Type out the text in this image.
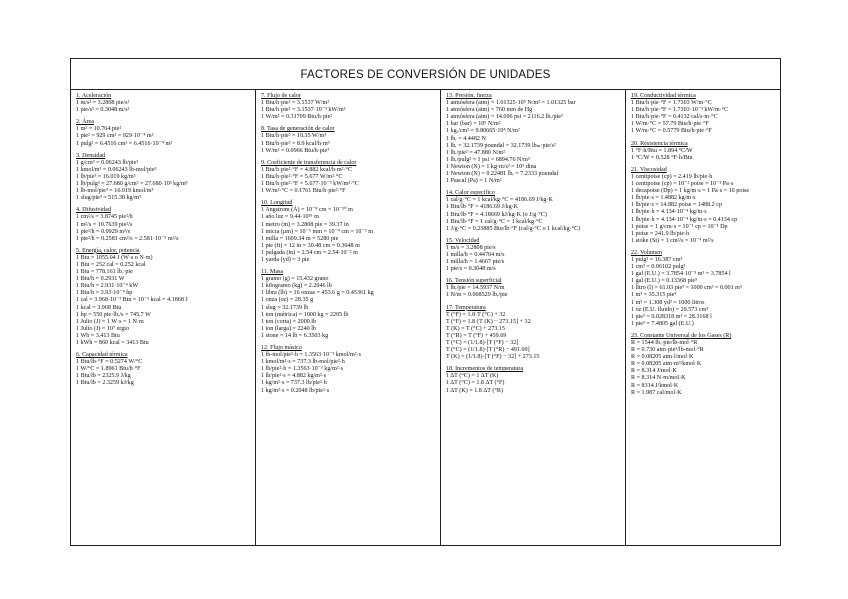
FACTORES DE CONVERSIÓN DE UNIDADES
1. Aceleración
1 m/s² = 3.2808 pie/s²
1 pie/s² = 0.3048 m/s²
2. Área
1 m² = 10.764 pie²
1 pie² = 929 cm² = 929·10⁻⁴ m²
1 pulg² = 6.4516 cm² = 6.4516·10⁻⁴ m²
3. Densidad
1 g/cm³ = 0.06243 lb/pie³
1 kmol/m³ = 0.06243 lb-mol/pie³
1 lb/pie³ = 16.019 kg/m³
1 lb/pulg³ = 27.680 g/cm³ = 27.680·10³ kg/m³
1 lb-mol/pie³ = 16.019 kmol/m³
1 slug/pie³ = 515.38 kg/m³
4. Difusividad
1 cm²/s = 3.8745 pie²/h
1 m²/s = 10.7639 pie²/s
1 pie²/h = 0.0929 m²/s
1 pie²/h = 0.2581 cm²/s = 2.581·10⁻⁵ m²/s
5. Energía, calor, potencia
1 Btu = 1055.04 J (W·s o N·m)
1 Btu = 252 cal = 0.252 kcal
1 Btu = 778.161 lbᵣ·pie
1 Btu/h = 0.2931 W
1 Btu/h = 2.931·10⁻⁴ kW
1 Btu/h = 3.93·10⁻⁴ hp
1 cal = 3.968·10⁻³ Btu = 10⁻³ kcal = 4.1868 J
1 kcal = 3.968 Btu
1 hp = 550 pie·lbᵣ/s = 745.7 W
1 Julio (J) = 1 W·s = 1 N·m
1 Julio (J) = 10⁷ ergio
1 Wh = 3.413 Btu
1 kWh = 860 kcal = 3413 Btu
6. Capacidad térmica
1 Btu/lb·°F = 0.5274 W/°C
1 W/°C = 1.8961 Btu/h·°F
1 Btu/lb = 2325.9 J/kg
1 Btu/lb = 2.3259 kJ/kg
7. Flujo de calor
1 Btu/h·pie² = 3.1537 W/m²
1 Btu/h·pie² = 3.1537·10⁻³ kW/m²
1 W/m² = 0.31709 Btu/h·pie²
8. Tasa de generación de calor
1 Btu/h·pie³ = 10.35 W/m³
1 Btu/h·pie³ = 8.9 kcal/h·m³
1 W/m³ = 0.0966 Btu/h·pie³
9. Coeficiente de transferencia de calor
1 Btu/h·pie²·°F = 4.882 kcal/h·m²·°C
1 Btu/h·pie²·°F = 5.677 W/m²·°C
1 Btu/h·pie²·°F = 5.677·10⁻³ kW/m²·°C
1 W/m²·°C = 0.1761 Btu/h·pie²·°F
10. Longitud
1 Angstrom (Å) = 10⁻⁸ cm = 10⁻¹⁰ m
1 año luz = 9.44·10¹⁵ m
1 metro (m) = 3.2808 pie = 39.37 in
1 micra (μm) = 10⁻⁶ mm = 10⁻⁴ cm = 10⁻⁶ m
1 milla = 1609.34 m = 5280 pie
1 pie (ft) = 12 in = 30.48 cm = 0.3048 m
1 pulgada (in) = 2.54 cm = 2.54·10⁻² m
1 yarda (yd) = 3 pie
11. Masa
1 gramo (g) = 15.432 grano
1 kilogramo (kg) = 2.2046 lb
1 libra (lb) = 16 onzas = 453.6 g = 0.45361 kg
1 onza (oz) = 28.35 g
1 slug = 32.1739 lb
1 ton (métrica) = 1000 kg = 2205 lb
1 ton (corta) = 2000 lb
1 ton (larga) = 2240 lb
1 stone = 14 lb = 6.3503 kg
12. Flujo másico
1 lb-mol/pie²·h = 1.3563·10⁻³ kmol/m²·s
1 kmol/m²·s = 737.3 lb-mol/pie²·h
1 lb/pie²·h = 1.3563·10⁻³ kg/m²·s
1 lb/pie²·s = 4.882 kg/m²·s
1 kg/m²·s = 737.3 lb/pie²·h
1 kg/m²·s = 0.2048 lb/pie²·s
13. Presión, fuerza
1 atmósfera (atm) = 1.01325·10⁵ N/m² = 1.01325 bar
1 atmósfera (atm) = 760 mm de Hg
1 atmósfera (atm) = 14.696 psi = 2116.2 lbᵣ/pie²
1 bar (bar) = 10⁵ N/m²
1 kgᵣ/cm² = 9.80665·10⁴ N/m²
1 lbᵣ = 4.4482 N
1 lbᵣ = 32.1739 poundal = 32.1739 lbₘ·pie/s²
1 lbᵣ/pie² = 47.880 N/m²
1 lbᵣ/pulg² = 1 psi = 6894.76 N/m²
1 Newton (N) = 1 kg·m/s² = 10⁵ dina
1 Newton (N) = 0.22481 lbᵣ = 7.2333 poundal
1 Pascal (Pa) = 1 N/m²
14. Calor específico
1 cal/g·°C = 1 kcal/kg·°C = 4186.69 J/kg·K
1 Btu/lb·°F = 4186.69 J/kg·K
1 Btu/lb·°F = 4.18669 kJ/kg·K (o J/g·°C)
1 Btu/lb·°F = 1 cal/g·°C = 1 kcal/kg·°C
1 J/g·°C = 0.23885 Btu/lb·°F (cal/g·°C o 1 kcal/kg·°C)
15. Velocidad
1 m/s = 3.2808 pie/s
1 milla/h = 0.44704 m/s
1 milla/h = 1.4667 pie/s
1 pie/s = 0.3048 m/s
16. Tensión superficial
1 lbᵣ/pie = 14.5937 N/m
1 N/m = 0.068529 lbᵣ/pie
17. Temperatura
T (°F) = 1.8·T (°C) + 32
T (°F) = 1.8·[T (K) − 273.15] + 32
T (K) = T (°C) + 273.15
T (°R) = T (°F) + 459.69
T (°C) = (1/1.8)·[T (°F) − 32]
T (°C) = (1/1.8)·[T (°R) − 491.69]
T (K) = (1/1.8)·[T (°F) − 32] + 273.15
18. Incrementos de temperatura
1 ΔT (°C) = 1 ΔT (K)
1 ΔT (°C) = 1.8 ΔT (°F)
1 ΔT (K) = 1.8 ΔT (°R)
19. Conductividad térmica
1 Btu/h·pie·°F = 1.7303 W/m·°C
1 Btu/h·pie·°F = 1.7303·10⁻³ kW/m·°C
1 Btu/h·pie·°F = 0.4132 cal/s·m·°C
1 W/m·°C = 57.79 Btu/h·pie·°F
1 W/m·°C = 0.5779 Btu/h·pie·°F
20. Resistencia térmica
1 °F·h/Btu = 1.894 °C/W
1 °C/W = 0.528 °F·h/Btu
21. Viscosidad
1 centipoise (cp) = 2.419 lb/pie·h
1 centipoise (cp) = 10⁻² poise = 10⁻³ Pa·s
1 decapoise (Dp) = 1 kg/m·s = 1 Pa·s = 10 poise
1 lb/pie·s = 1.4882 kg/m·s
1 lb/pie·s = 14.882 poise = 1488.2 cp
1 lb/pie·h = 4.134·10⁻⁴ kg/m·s
1 lb/pie·h = 4.134·10⁻⁴ kg/m·s = 0.4134 cp
1 poise = 1 g/cm·s = 10⁻¹ cp = 10⁻¹ Dp
1 poise = 241.9 lb/pie·h
1 stoke (St) = 1 cm²/s = 10⁻⁴ m²/s
22. Volumen
1 pulg³ = 16.387 cm³
1 cm³ = 0.06102 pulg³
1 gal (E.U.) = 3.7854·10⁻³ m³ = 3.7854 l
1 gal (E.U.) = 0.13368 pie³
1 litro (l) = 61.03 pie³ = 1000 cm³ = 0.001 m³
1 m³ = 35.315 pie³
1 m³ = 1.308 yd³ = 1000 litros
1 oz (E.U. fluido) = 29.573 cm³
1 pie³ = 0.028318 m³ = 28.3168 l
1 pie³ = 7.4805 gal (E.U.)
23. Constante Universal de los Gases (R)
R = 1544 lbᵣ·pie/lb-mol·°R
R = 0.730 atm·pie³/lb-mol·°R
R = 0.08205 atm·l/mol·K
R = 0.08205 atm·m³/kmol·K
R = 8.314 J/mol·K
R = 8.314 N·m/mol·K
R = 8314 J/kmol·K
R = 1.987 cal/mol·K
